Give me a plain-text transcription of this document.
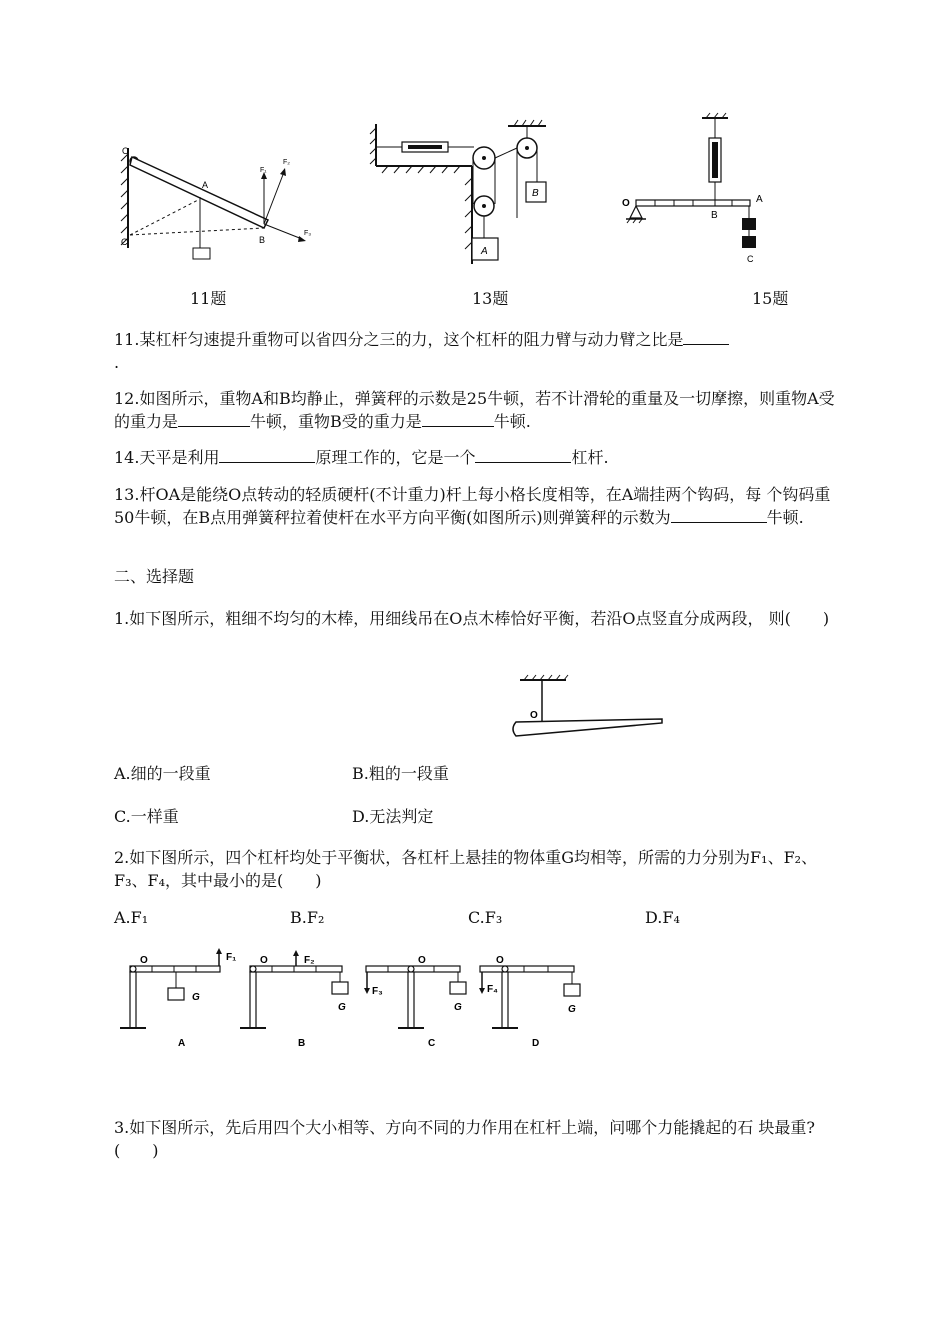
O
A
B
C
F₁
F₂
F₃
11题
A
B
13题
O	A
B
C
15题
11.某杠杆匀速提升重物可以省四分之三的力，这个杠杆的阻力臂与动力臂之比是
.
12.如图所示，重物A和B均静止，弹簧秤的示数是25牛顿，若不计滑轮的重量及一切摩擦，则重物A受的重力是	牛顿，重物B受的重力是	牛顿.
14.天平是利用	原理工作的，它是一个	杠杆.
13.杆OA是能绕O点转动的轻质硬杆(不计重力)杆上每小格长度相等，在A端挂两个钩码，每 个钩码重50牛顿，在B点用弹簧秤拉着使杆在水平方向平衡(如图所示)则弹簧秤的示数为	牛顿.
二、选择题
1.如下图所示，粗细不均匀的木棒，用细线吊在O点木棒恰好平衡，若沿O点竖直分成两段， 则(　　)
O
A.细的一段重	B.粗的一段重
C.一样重	D.无法判定
2.如下图所示，四个杠杆均处于平衡状，各杠杆上悬挂的物体重G均相等，所需的力分别为F₁、F₂、F₃、F₄，其中最小的是(　　)
A.F₁	B.F₂	C.F₃	D.F₄
O	F₁
G
A
O	F₂
G
B
O
F₃
G
C
O
F₄
G
D
3.如下图所示，先后用四个大小相等、方向不同的力作用在杠杆上端，问哪个力能撬起的石 块最重?(　　)
